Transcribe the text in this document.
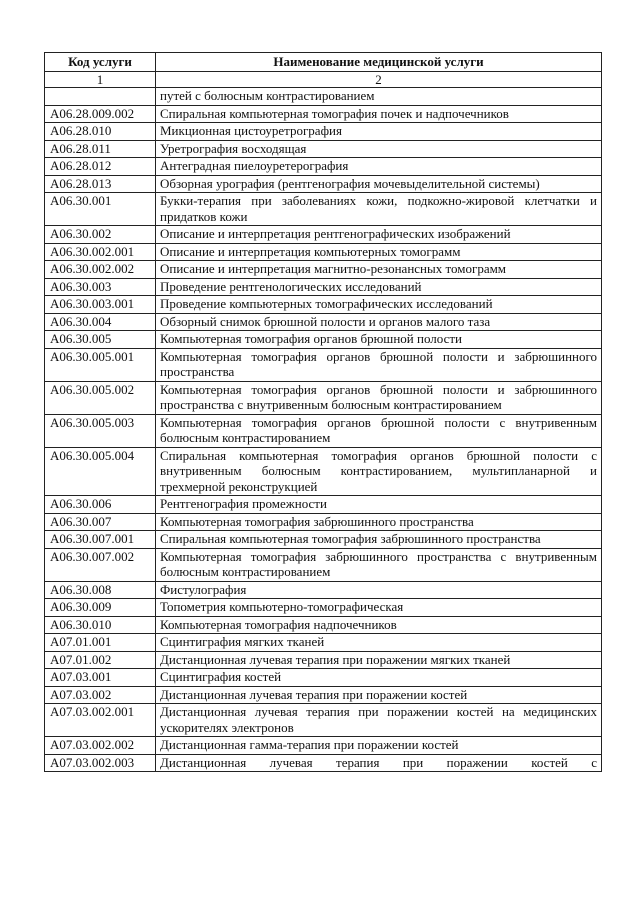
Код услуги	Наименование медицинской услуги
1	2
	путей с болюсным контрастированием
A06.28.009.002	Спиральная компьютерная томография почек и надпочечников
A06.28.010	Микционная цистоуретрография
A06.28.011	Уретрография восходящая
A06.28.012	Антеградная пиелоуретерография
A06.28.013	Обзорная урография (рентгенография мочевыделительной системы)
A06.30.001	Букки-терапия при заболеваниях кожи, подкожно-жировой клетчатки и придатков кожи
A06.30.002	Описание и интерпретация рентгенографических изображений
A06.30.002.001	Описание и интерпретация компьютерных томограмм
A06.30.002.002	Описание и интерпретация магнитно-резонансных томограмм
A06.30.003	Проведение рентгенологических исследований
A06.30.003.001	Проведение компьютерных томографических исследований
A06.30.004	Обзорный снимок брюшной полости и органов малого таза
A06.30.005	Компьютерная томография органов брюшной полости
A06.30.005.001	Компьютерная томография органов брюшной полости и забрюшинного пространства
A06.30.005.002	Компьютерная томография органов брюшной полости и забрюшинного пространства с внутривенным болюсным контрастированием
A06.30.005.003	Компьютерная томография органов брюшной полости с внутривенным болюсным контрастированием
A06.30.005.004	Спиральная компьютерная томография органов брюшной полости с внутривенным болюсным контрастированием, мультипланарной и трехмерной реконструкцией
A06.30.006	Рентгенография промежности
A06.30.007	Компьютерная томография забрюшинного пространства
A06.30.007.001	Спиральная компьютерная томография забрюшинного пространства
A06.30.007.002	Компьютерная томография забрюшинного пространства с внутривенным болюсным контрастированием
A06.30.008	Фистулография
A06.30.009	Топометрия компьютерно-томографическая
A06.30.010	Компьютерная томография надпочечников
A07.01.001	Сцинтиграфия мягких тканей
A07.01.002	Дистанционная лучевая терапия при поражении мягких тканей
A07.03.001	Сцинтиграфия костей
A07.03.002	Дистанционная лучевая терапия при поражении костей
A07.03.002.001	Дистанционная лучевая терапия при поражении костей на медицинских ускорителях электронов
A07.03.002.002	Дистанционная гамма-терапия при поражении костей
A07.03.002.003	Дистанционная лучевая терапия при поражении костей с
